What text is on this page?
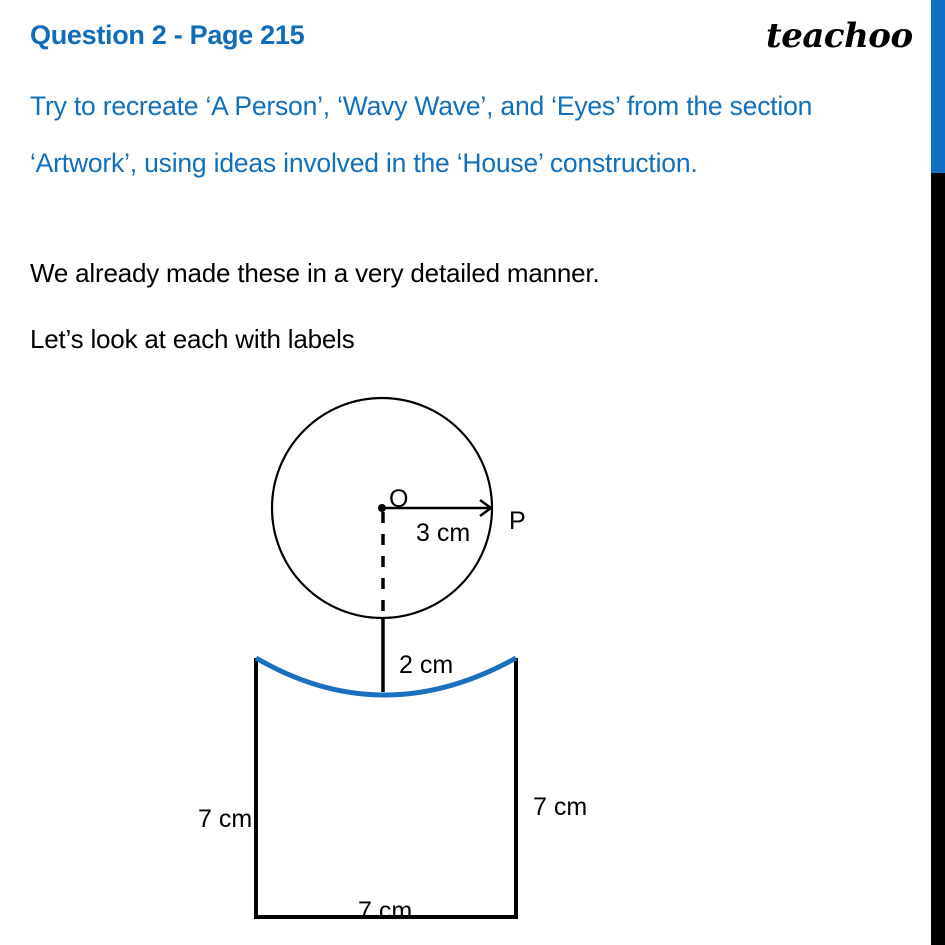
Question 2 - Page 215	teachoo
Try to recreate ‘A Person’, ‘Wavy Wave’, and ‘Eyes’ from the section ‘Artwork’, using ideas involved in the ‘House’ construction.
We already made these in a very detailed manner.
Let’s look at each with labels
O
P
3 cm
2 cm
7 cm	7 cm
7 cm
